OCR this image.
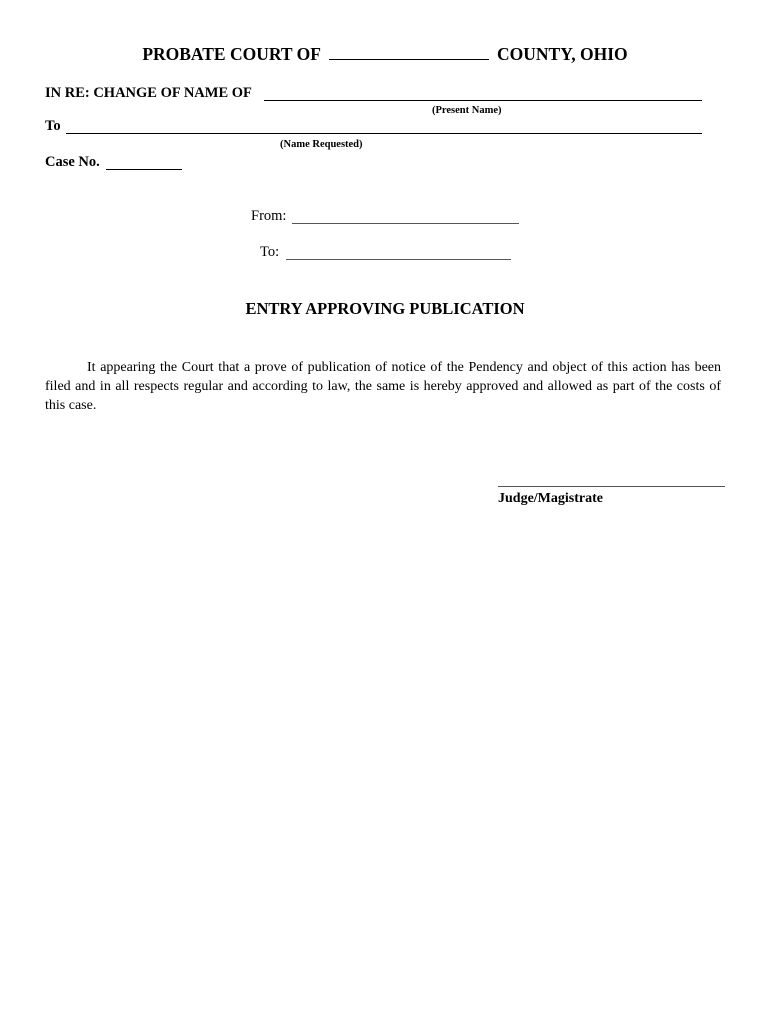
PROBATE COURT OF	COUNTY, OHIO
IN RE: CHANGE OF NAME OF
(Present Name)
To
(Name Requested)
Case No.
From:
To:
ENTRY APPROVING PUBLICATION
It appearing the Court that a prove of publication of notice of the Pendency and object of this action has been filed and in all respects regular and according to law, the same is hereby approved and allowed as part of the costs of this case.
Judge/Magistrate
